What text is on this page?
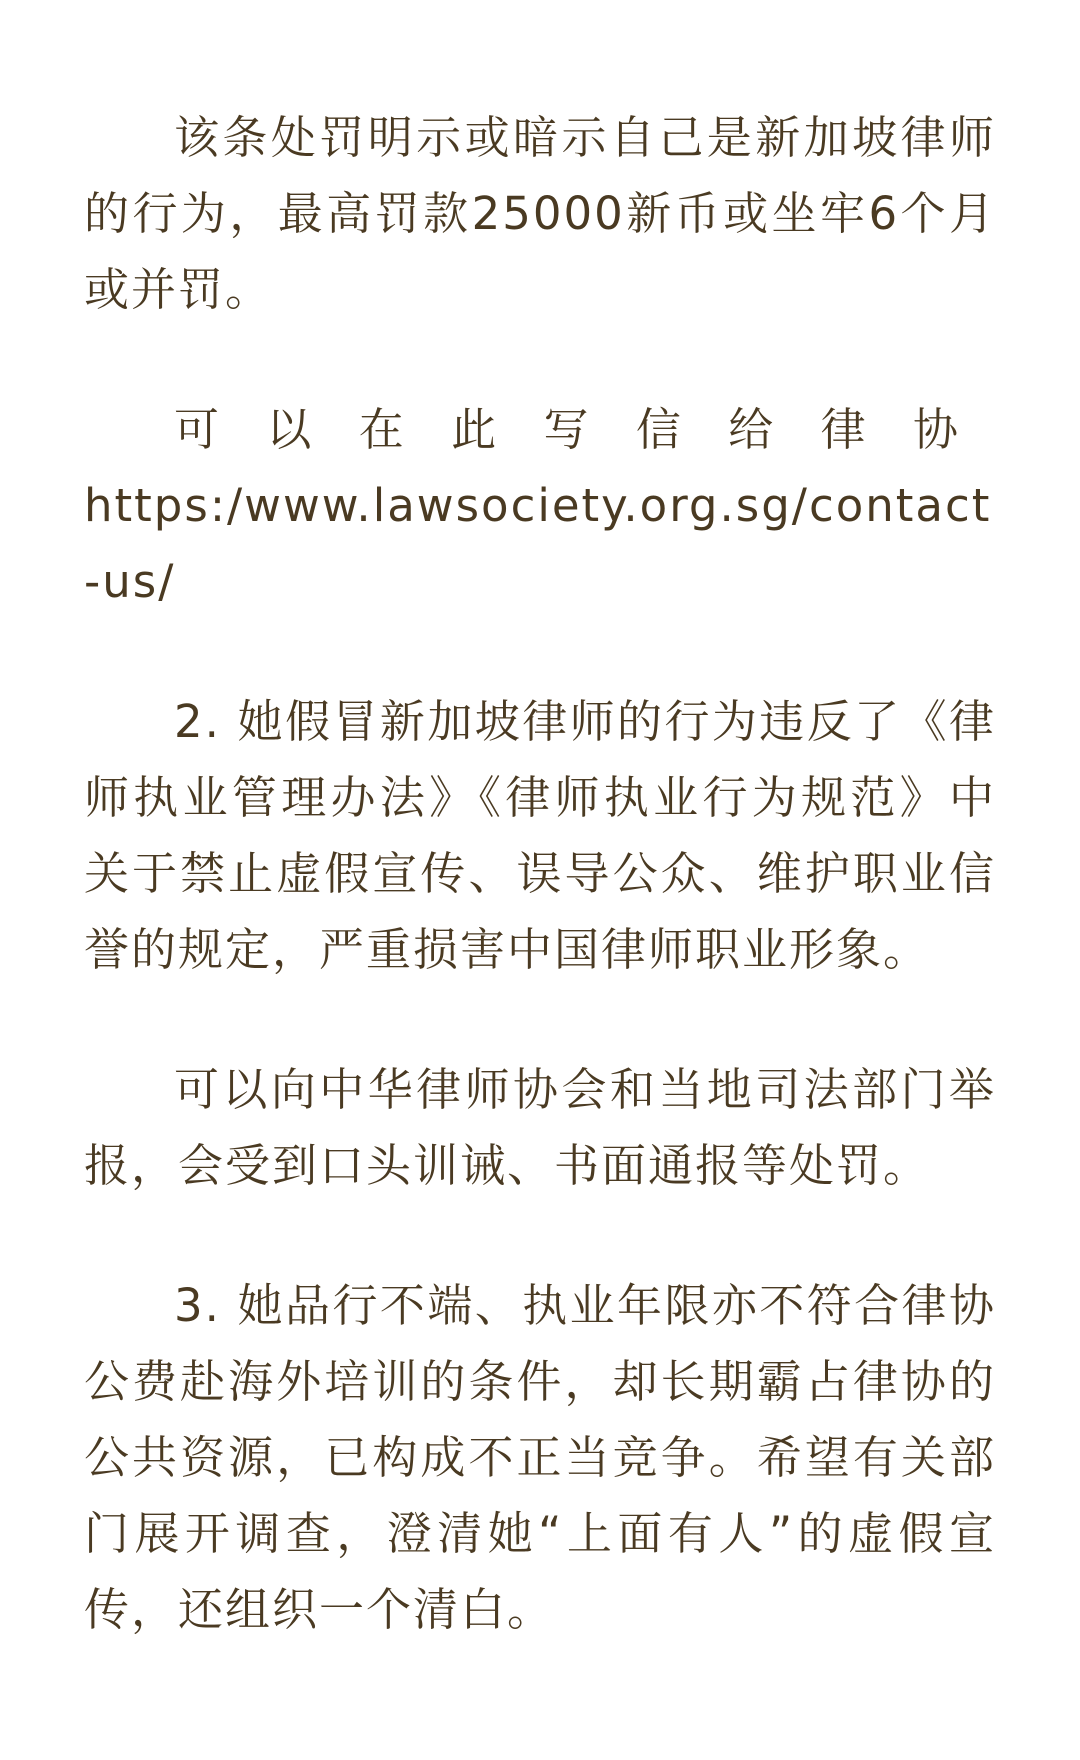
该条处罚明示或暗示自己是新加坡律师的行为，最高罚款25000新币或坐牢6个月或并罚。

可以在此写信给律协
https:/www.lawsociety.org.sg/contact-us/

2. 她假冒新加坡律师的行为违反了《律师执业管理办法》《律师执业行为规范》中关于禁止虚假宣传、误导公众、维护职业信誉的规定，严重损害中国律师职业形象。

可以向中华律师协会和当地司法部门举报，会受到口头训诫、书面通报等处罚。

3. 她品行不端、执业年限亦不符合律协公费赴海外培训的条件，却长期霸占律协的公共资源，已构成不正当竞争。希望有关部门展开调查，澄清她“上面有人”的虚假宣传，还组织一个清白。
